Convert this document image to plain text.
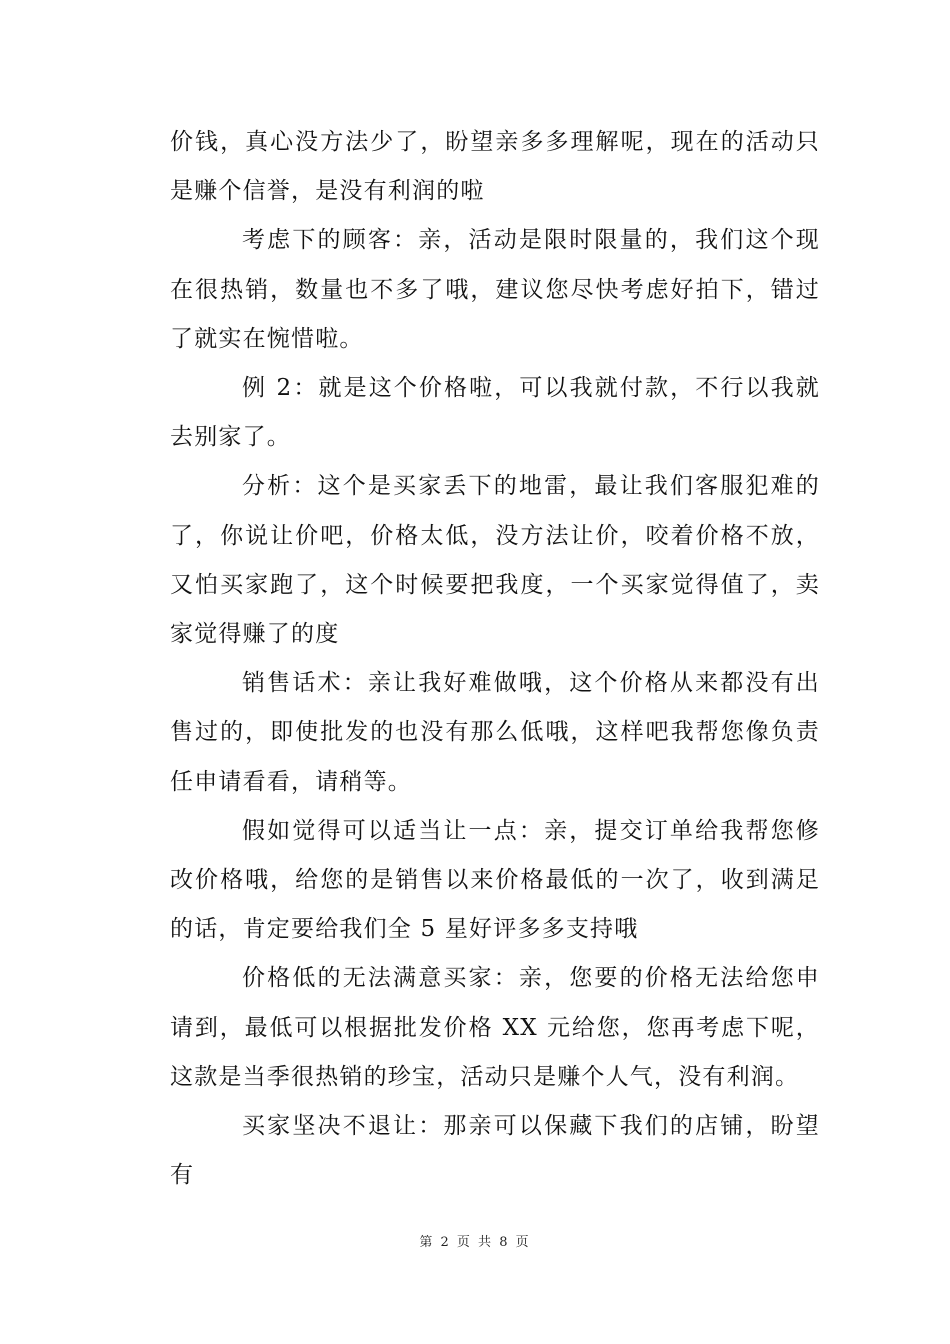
价钱，真心没方法少了，盼望亲多多理解呢，现在的活动只是赚个信誉，是没有利润的啦

考虑下的顾客：亲，活动是限时限量的，我们这个现在很热销，数量也不多了哦，建议您尽快考虑好拍下，错过了就实在惋惜啦。

例 2：就是这个价格啦，可以我就付款，不行以我就去别家了。

分析：这个是买家丢下的地雷，最让我们客服犯难的了，你说让价吧，价格太低，没方法让价，咬着价格不放，又怕买家跑了，这个时候要把我度，一个买家觉得值了，卖家觉得赚了的度

销售话术：亲让我好难做哦，这个价格从来都没有出售过的，即使批发的也没有那么低哦，这样吧我帮您像负责任申请看看，请稍等。

假如觉得可以适当让一点：亲，提交订单给我帮您修改价格哦，给您的是销售以来价格最低的一次了，收到满足的话，肯定要给我们全 5 星好评多多支持哦

价格低的无法满意买家：亲，您要的价格无法给您申请到，最低可以根据批发价格 XX 元给您，您再考虑下呢，这款是当季很热销的珍宝，活动只是赚个人气，没有利润。

买家坚决不退让：那亲可以保藏下我们的店铺，盼望有

第 2 页 共 8 页
